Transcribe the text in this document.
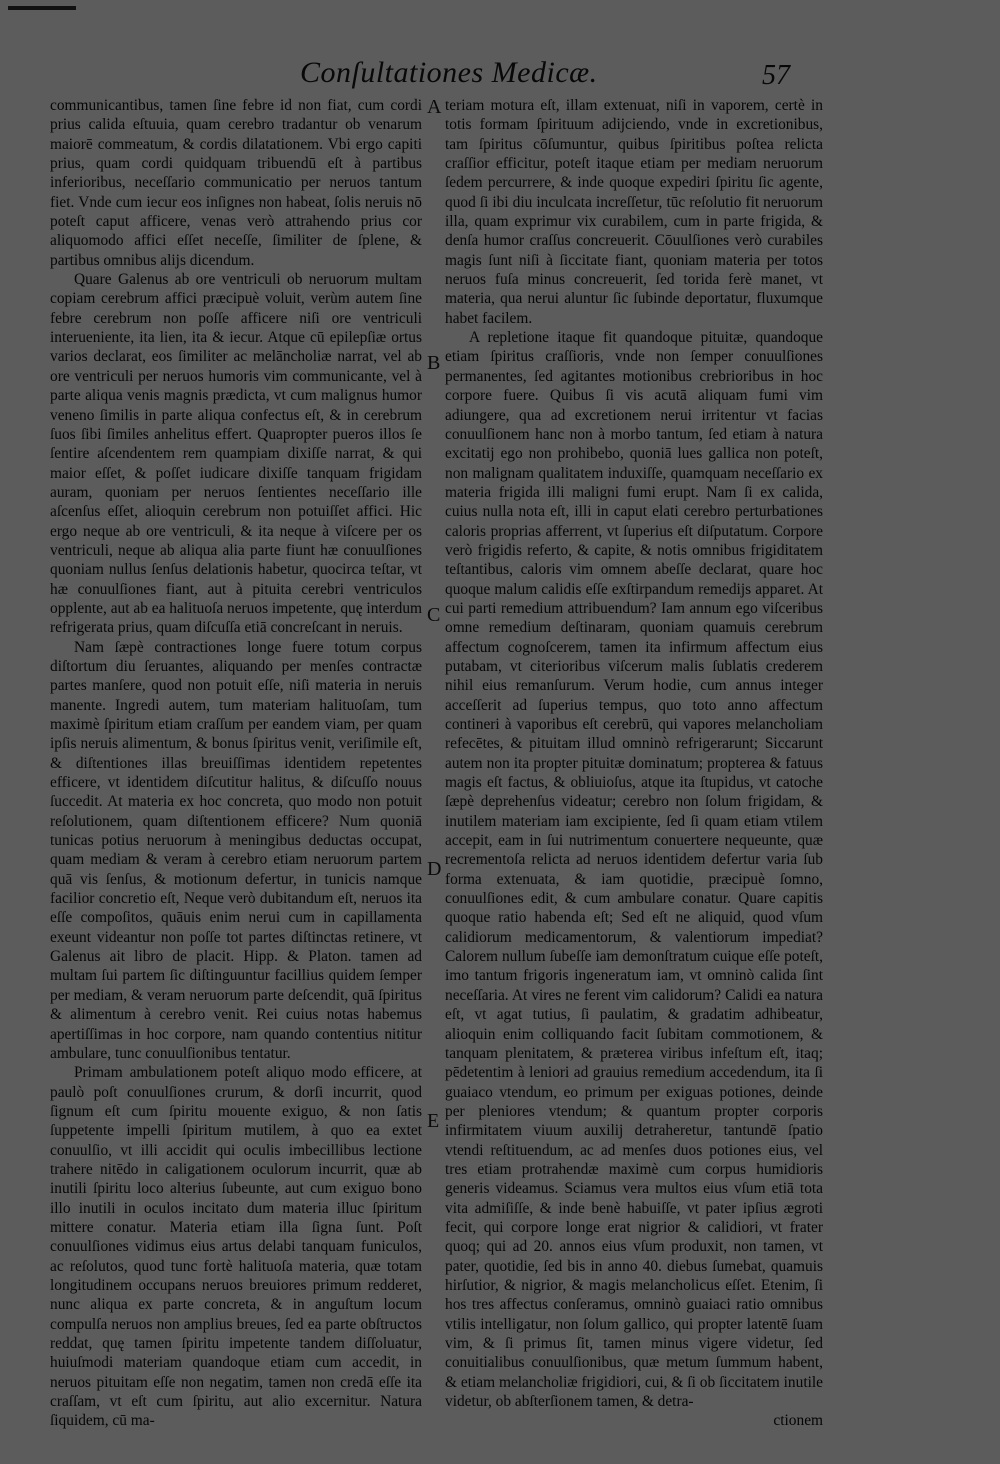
Conſultationes Medicæ.	57

communicantibus, tamen ſine febre id non fiat, cum cordi prius calida eſtuuia, quam cerebro tradantur ob venarum maiorē commeatum, & cordis dilatationem. Vbi ergo capiti prius, quam cordi quidquam tribuendū eſt à partibus inferioribus, neceſſario communicatio per neruos tantum fiet. Vnde cum iecur eos inſignes non habeat, ſolis neruis nō poteſt caput afficere, venas verò attrahendo prius cor aliquomodo affici eſſet neceſſe, ſimiliter de ſplene, & partibus omnibus alijs dicendum.

Quare Galenus ab ore ventriculi ob neruorum multam copiam cerebrum affici præcipuè voluit, verùm autem ſine febre cerebrum non poſſe afficere niſi ore ventriculi interueniente, ita lien, ita & iecur. Atque cū epilepſiæ ortus varios declarat, eos ſimiliter ac melāncholiæ narrat, vel ab ore ventriculi per neruos humoris vim communicante, vel à parte aliqua venis magnis prædicta, vt cum malignus humor veneno ſimilis in parte aliqua confectus eſt, & in cerebrum ſuos ſibi ſimiles anhelitus effert. Quapropter pueros illos ſe ſentire aſcendentem rem quampiam dixiſſe narrat, & qui maior eſſet, & poſſet iudicare dixiſſe tanquam frigidam auram, quoniam per neruos ſentientes neceſſario ille aſcenſus eſſet, alioquin cerebrum non potuiſſet affici. Hic ergo neque ab ore ventriculi, & ita neque à viſcere per os ventriculi, neque ab aliqua alia parte fiunt hæ conuulſiones quoniam nullus ſenſus delationis habetur, quocirca teſtar, vt hæ conuulſiones fiant, aut à pituita cerebri ventriculos opplente, aut ab ea halituoſa neruos impetente, quę interdum refrigerata prius, quam diſcuſſa etiā concreſcant in neruis.

Nam ſæpè contractiones longe fuere totum corpus diſtortum diu ſeruantes, aliquando per menſes contractæ partes manſere, quod non potuit eſſe, niſi materia in neruis manente. Ingredi autem, tum materiam halituoſam, tum maximè ſpiritum etiam craſſum per eandem viam, per quam ipſis neruis alimentum, & bonus ſpiritus venit, veriſimile eſt, & diſtentiones illas breuiſſimas identidem repetentes efficere, vt identidem diſcutitur halitus, & diſcuſſo nouus ſuccedit. At materia ex hoc concreta, quo modo non potuit reſolutionem, quam diſtentionem efficere? Num quoniā tunicas potius neruorum à meningibus deductas occupat, quam mediam & veram à cerebro etiam neruorum partem quā vis ſenſus, & motionum defertur, in tunicis namque facilior concretio eſt, Neque verò dubitandum eſt, neruos ita eſſe compoſitos, quāuis enim nerui cum in capillamenta exeunt videantur non poſſe tot partes diſtinctas retinere, vt Galenus ait libro de placit. Hipp. & Platon. tamen ad multam ſui partem ſic diſtinguuntur facillius quidem ſemper per mediam, & veram neruorum parte deſcendit, quā ſpiritus & alimentum à cerebro venit. Rei cuius notas habemus apertiſſimas in hoc corpore, nam quando contentius nititur ambulare, tunc conuulſionibus tentatur.

Primam ambulationem poteſt aliquo modo efficere, at paulò poſt conuulſiones crurum, & dorſi incurrit, quod ſignum eſt cum ſpiritu mouente exiguo, & non ſatis ſuppetente impelli ſpiritum mutilem, à quo ea extet conuulſio, vt illi accidit qui oculis imbecillibus lectione trahere nitēdo in caligationem oculorum incurrit, quæ ab inutili ſpiritu loco alterius ſubeunte, aut cum exiguo bono illo inutili in oculos incitato dum materia illuc ſpiritum mittere conatur. Materia etiam illa ſigna ſunt. Poſt conuulſiones vidimus eius artus delabi tanquam funiculos, ac reſolutos, quod tunc fortè halituoſa materia, quæ totam longitudinem occupans neruos breuiores primum redderet, nunc aliqua ex parte concreta, & in anguſtum locum compulſa neruos non amplius breues, ſed ea parte obſtructos reddat, quę tamen ſpiritu impetente tandem diſſoluatur, huiuſmodi materiam quandoque etiam cum accedit, in neruos pituitam eſſe non negatim, tamen non credā eſſe ita craſſam, vt eſt cum ſpiritu, aut alio excernitur. Natura ſiquidem, cū ma-

A
B
C
D
E

teriam motura eſt, illam extenuat, niſi in vaporem, certè in totis formam ſpirituum adijciendo, vnde in excretionibus, tam ſpiritus cōſumuntur, quibus ſpiritibus poſtea relicta craſſior efficitur, poteſt itaque etiam per mediam neruorum ſedem percurrere, & inde quoque expediri ſpiritu ſic agente, quod ſi ibi diu inculcata increſſetur, tūc reſolutio fit neruorum illa, quam exprimur vix curabilem, cum in parte frigida, & denſa humor craſſus concreuerit. Cōuulſiones verò curabiles magis ſunt niſi à ſiccitate fiant, quoniam materia per totos neruos fuſa minus concreuerit, ſed torida ferè manet, vt materia, qua nerui aluntur ſic ſubinde deportatur, fluxumque habet facilem.

A repletione itaque fit quandoque pituitæ, quandoque etiam ſpiritus craſſioris, vnde non ſemper conuulſiones permanentes, ſed agitantes motionibus crebrioribus in hoc corpore fuere. Quibus ſi vis acutā aliquam fumi vim adiungere, qua ad excretionem nerui irritentur vt facias conuulſionem hanc non à morbo tantum, ſed etiam à natura excitatij ego non prohibebo, quoniā lues gallica non poteſt, non malignam qualitatem induxiſſe, quamquam neceſſario ex materia frigida illi maligni fumi erupt. Nam ſi ex calida, cuius nulla nota eſt, illi in caput elati cerebro perturbationes caloris proprias afferrent, vt ſuperius eſt diſputatum. Corpore verò frigidis referto, & capite, & notis omnibus frigiditatem teſtantibus, caloris vim omnem abeſſe declarat, quare hoc quoque malum calidis eſſe exſtirpandum remedijs apparet. At cui parti remedium attribuendum? Iam annum ego viſceribus omne remedium deſtinaram, quoniam quamuis cerebrum affectum cognoſcerem, tamen ita infirmum affectum eius putabam, vt citerioribus viſcerum malis ſublatis crederem nihil eius remanſurum. Verum hodie, cum annus integer acceſſerit ad ſuperius tempus, quo toto anno affectum contineri à vaporibus eſt cerebrū, qui vapores melancholiam refecētes, & pituitam illud omninò refrigerarunt; Siccarunt autem non ita propter pituitæ dominatum; propterea & fatuus magis eſt factus, & obliuioſus, atque ita ſtupidus, vt catoche ſæpè deprehenſus videatur; cerebro non ſolum frigidam, & inutilem materiam iam excipiente, ſed ſi quam etiam vtilem accepit, eam in ſui nutrimentum conuertere nequeunte, quæ recrementoſa relicta ad neruos identidem defertur varia ſub forma extenuata, & iam quotidie, præcipuè ſomno, conuulſiones edit, & cum ambulare conatur. Quare capitis quoque ratio habenda eſt; Sed eſt ne aliquid, quod vſum calidiorum medicamentorum, & valentiorum impediat? Calorem nullum ſubeſſe iam demonſtratum cuique eſſe poteſt, imo tantum frigoris ingeneratum iam, vt omninò calida ſint neceſſaria. At vires ne ferent vim calidorum? Calidi ea natura eſt, vt agat tutius, ſi paulatim, & gradatim adhibeatur, alioquin enim colliquando facit ſubitam commotionem, & tanquam plenitatem, & præterea viribus infeſtum eſt, itaq; pēdetentim à leniori ad grauius remedium accedendum, ita ſi guaiaco vtendum, eo primum per exiguas potiones, deinde per pleniores vtendum; & quantum propter corporis infirmitatem viuum auxilij detraheretur, tantundē ſpatio vtendi reſtituendum, ac ad menſes duos potiones eius, vel tres etiam protrahendæ maximè cum corpus humidioris generis videamus. Sciamus vera multos eius vſum etiā tota vita admiſiſſe, & inde benè habuiſſe, vt pater ipſius ægroti fecit, qui corpore longe erat nigrior & calidiori, vt frater quoq; qui ad 20. annos eius vſum produxit, non tamen, vt pater, quotidie, ſed bis in anno 40. diebus ſumebat, quamuis hirſutior, & nigrior, & magis melancholicus eſſet. Etenim, ſi hos tres affectus conſeramus, omninò guaiaci ratio omnibus vtilis intelligatur, non ſolum gallico, qui propter latentē ſuam vim, & ſi primus ſit, tamen minus vigere videtur, ſed conuitialibus conuulſionibus, quæ metum ſummum habent, & etiam melancholiæ frigidiori, cui, & ſi ob ſiccitatem inutile videtur, ob abſterſionem tamen, & detra-

ctionem
